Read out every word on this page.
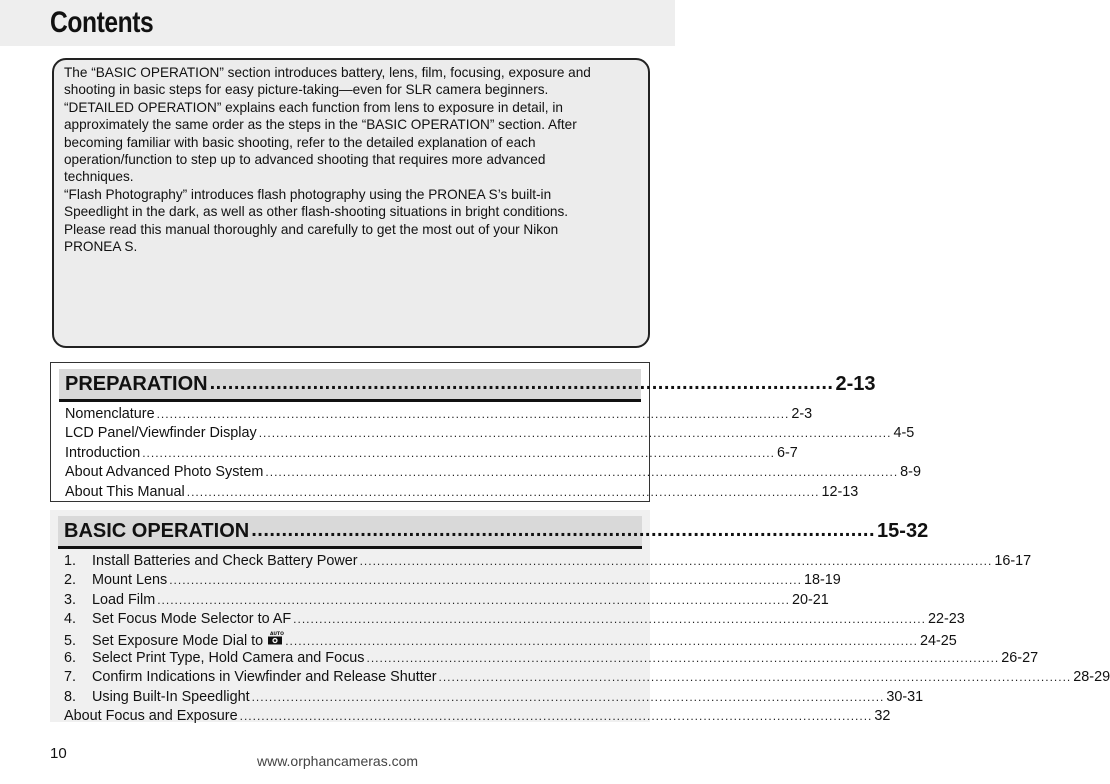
Contents

The “BASIC OPERATION” section introduces battery, lens, film, focusing, exposure and

shooting in basic steps for easy picture-taking—even for SLR camera beginners.

“DETAILED OPERATION” explains each function from lens to exposure in detail, in

approximately the same order as the steps in the “BASIC OPERATION” section. After

becoming familiar with basic shooting, refer to the detailed explanation of each

operation/function to step up to advanced shooting that requires more advanced

techniques.

“Flash Photography” introduces flash photography using the PRONEA S’s built-in

Speedlight in the dark, as well as other flash-shooting situations in bright conditions.

Please read this manual thoroughly and carefully to get the most out of your Nikon

PRONEA S.

PREPARATION ....................................................................................................... 2-13
Nomenclature .................................................................................................................................................. 2-3
LCD Panel/Viewfinder Display .................................................................................................................................................. 4-5
Introduction .................................................................................................................................................. 6-7
About Advanced Photo System .................................................................................................................................................. 8-9
About This Manual .................................................................................................................................................. 12-13
BASIC OPERATION ....................................................................................................... 15-32
1.	Install Batteries and Check Battery Power .................................................................................................................................................. 16-17
2.	Mount Lens .................................................................................................................................................. 18-19
3.	Load Film .................................................................................................................................................. 20-21
4.	Set Focus Mode Selector to AF .................................................................................................................................................. 22-23
5.	Set Exposure Mode Dial to AUTO .................................................................................................................................................. 24-25
6.	Select Print Type, Hold Camera and Focus .................................................................................................................................................. 26-27
7.	Confirm Indications in Viewfinder and Release Shutter .................................................................................................................................................. 28-29
8.	Using Built-In Speedlight .................................................................................................................................................. 30-31
About Focus and Exposure .................................................................................................................................................. 32
10	www.orphancameras.com
